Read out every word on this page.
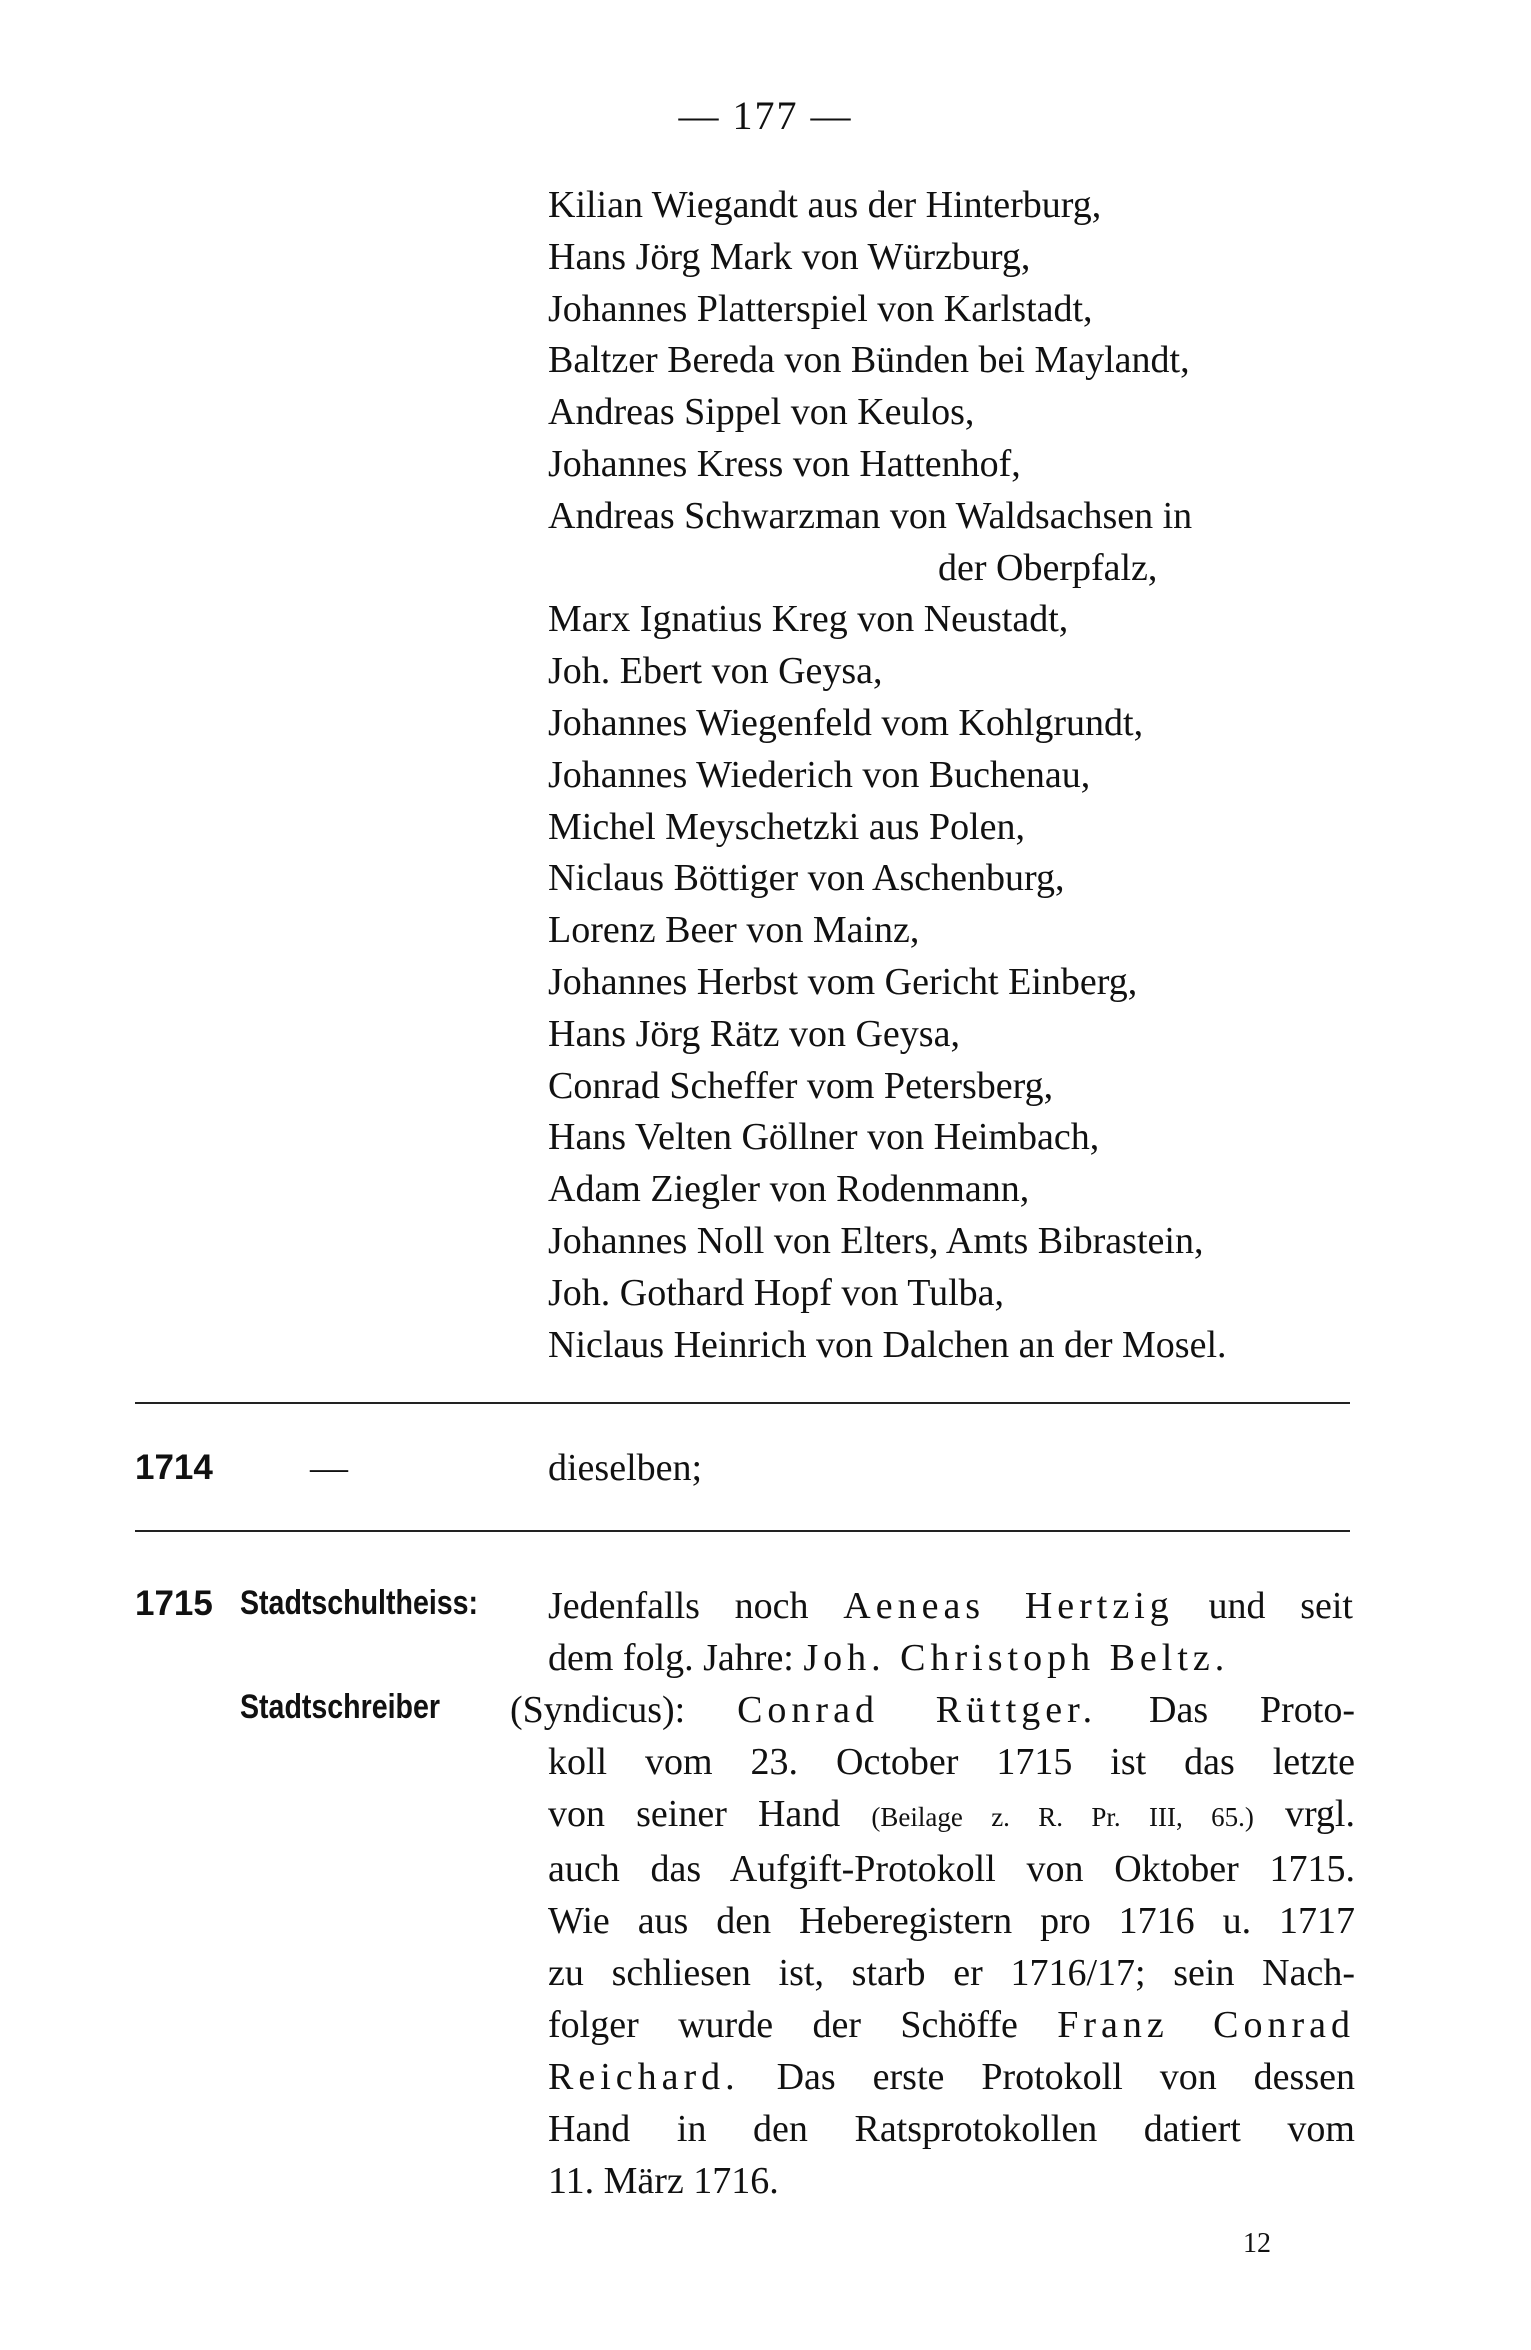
— 177 —
Kilian Wiegandt aus der Hinterburg,
Hans Jörg Mark von Würzburg,
Johannes Platterspiel von Karlstadt,
Baltzer Bereda von Bünden bei Maylandt,
Andreas Sippel von Keulos,
Johannes Kress von Hattenhof,
Andreas Schwarzman von Waldsachsen in
der Oberpfalz,
Marx Ignatius Kreg von Neustadt,
Joh. Ebert von Geysa,
Johannes Wiegenfeld vom Kohlgrundt,
Johannes Wiederich von Buchenau,
Michel Meyschetzki aus Polen,
Niclaus Böttiger von Aschenburg,
Lorenz Beer von Mainz,
Johannes Herbst vom Gericht Einberg,
Hans Jörg Rätz von Geysa,
Conrad Scheffer vom Petersberg,
Hans Velten Göllner von Heimbach,
Adam Ziegler von Rodenmann,
Johannes Noll von Elters, Amts Bibrastein,
Joh. Gothard Hopf von Tulba,
Niclaus Heinrich von Dalchen an der Mosel.
1714	—	dieselben;
1715 Stadtschultheiss: Jedenfalls noch Aeneas Hertzig und seit
dem folg. Jahre: Joh. Christoph Beltz.
Stadtschreiber (Syndicus): Conrad Rüttger. Das Proto-
koll vom 23. October 1715 ist das letzte
von seiner Hand (Beilage z. R. Pr. III, 65.) vrgl.
auch das Aufgift-Protokoll von Oktober 1715.
Wie aus den Heberegistern pro 1716 u. 1717
zu schliesen ist, starb er 1716/17; sein Nach-
folger wurde der Schöffe Franz Conrad
Reichard. Das erste Protokoll von dessen
Hand in den Ratsprotokollen datiert vom
11. März 1716.
12
